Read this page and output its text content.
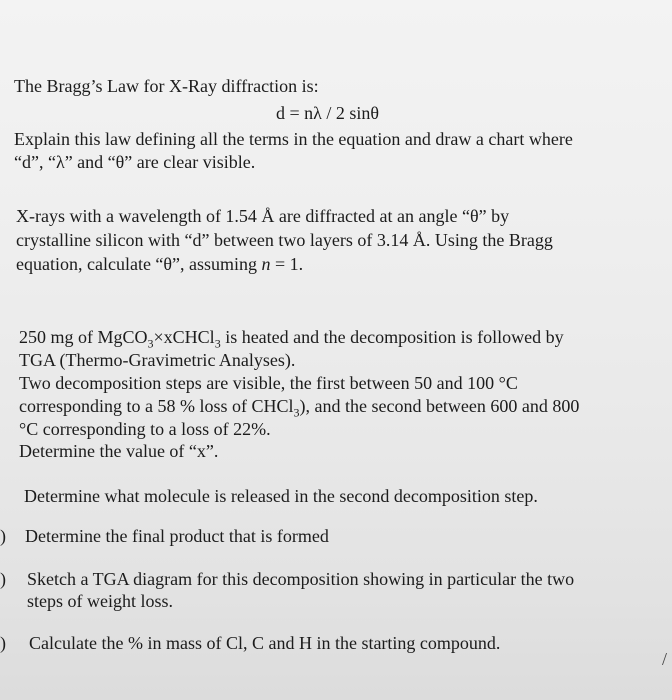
The Bragg’s Law for X-Ray diffraction is:
d = nλ / 2 sinθ
Explain this law defining all the terms in the equation and draw a chart where
“d”, “λ” and “θ” are clear visible.
X-rays with a wavelength of 1.54 Å are diffracted at an angle “θ” by
crystalline silicon with “d” between two layers of 3.14 Å. Using the Bragg
equation, calculate “θ”, assuming n = 1.
250 mg of MgCO$_3$×xCHCl$_3$ is heated and the decomposition is followed by
TGA (Thermo-Gravimetric Analyses).
Two decomposition steps are visible, the first between 50 and 100 °C
corresponding to a 58 % loss of CHCl$_3$), and the second between 600 and 800
°C corresponding to a loss of 22%.
Determine the value of “x”.
Determine what molecule is released in the second decomposition step.
) Determine the final product that is formed
) Sketch a TGA diagram for this decomposition showing in particular the two
steps of weight loss.
) Calculate the % in mass of Cl, C and H in the starting compound.
/
